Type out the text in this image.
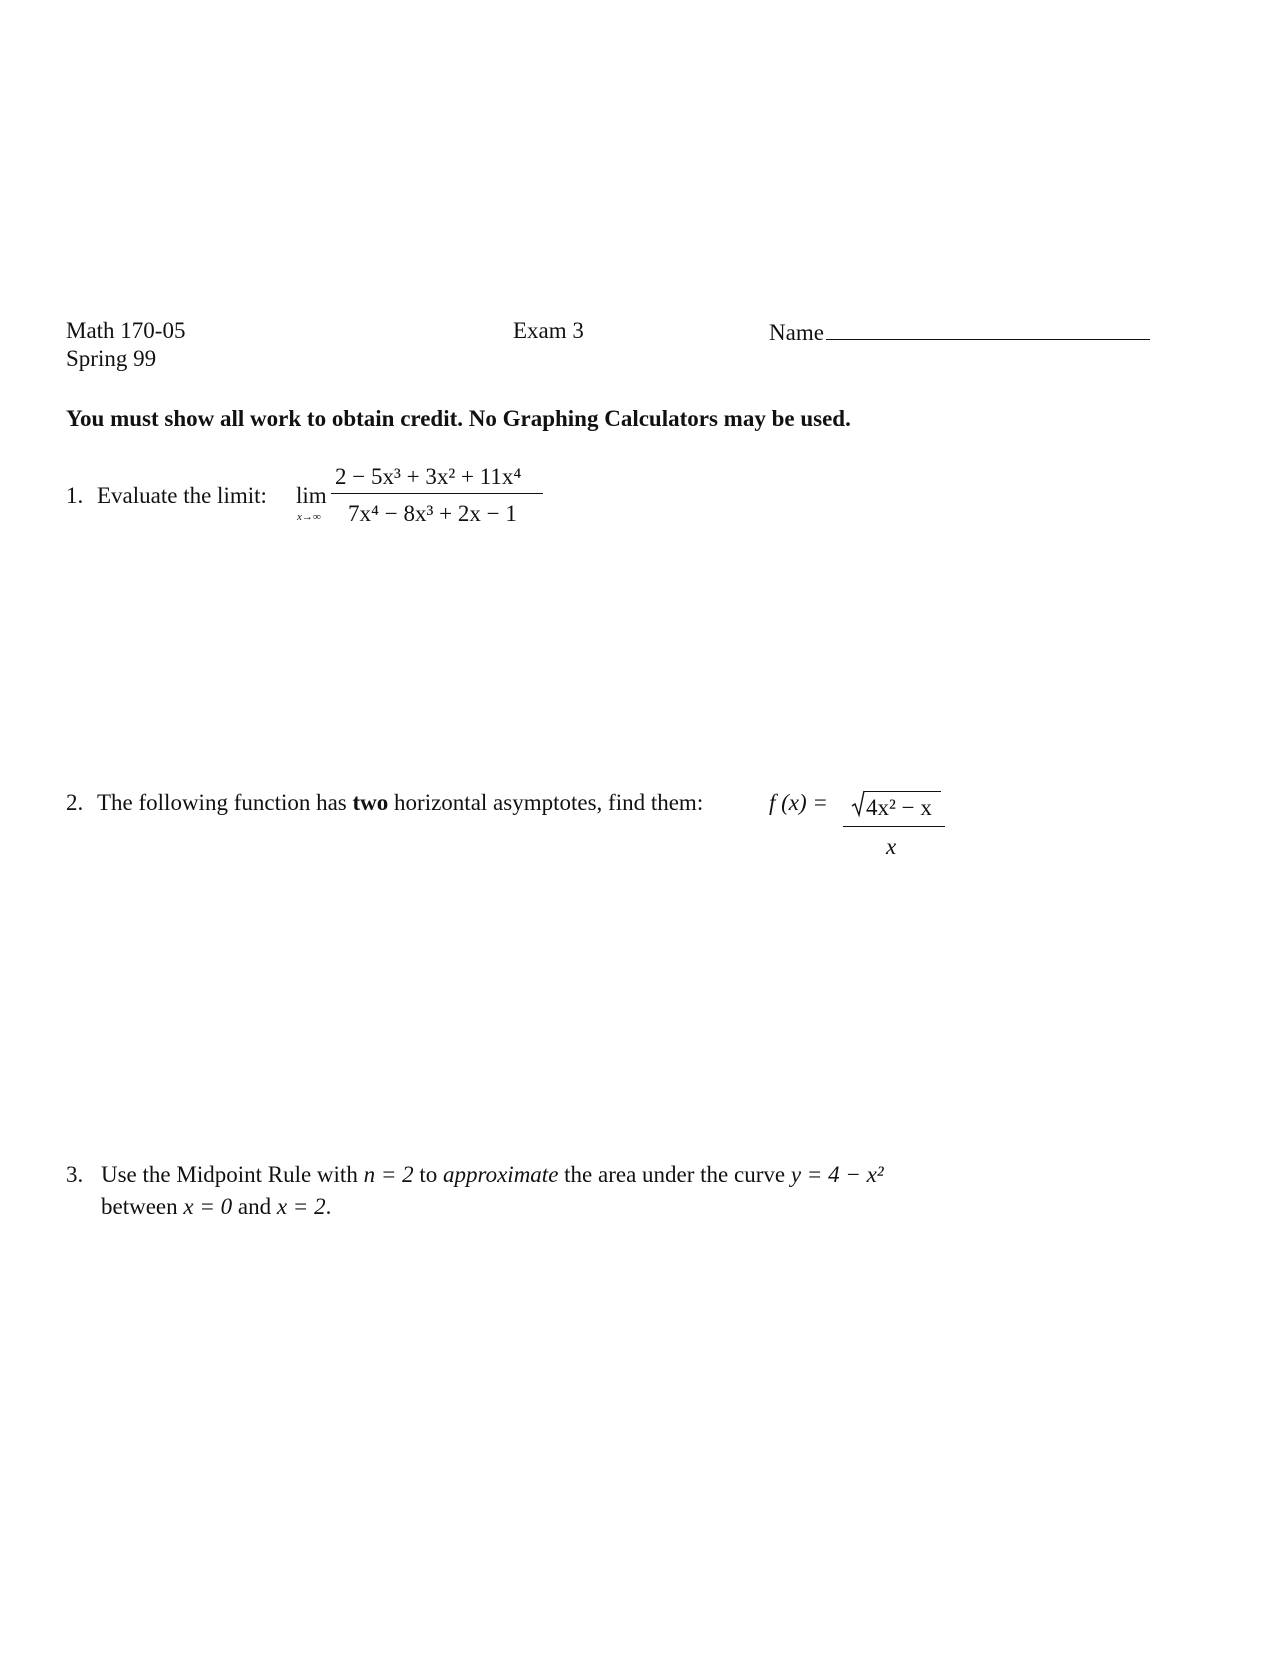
Math 170-05
Spring 99
Exam 3	Name
You must show all work to obtain credit. No Graphing Calculators may be used.
1. Evaluate the limit: lim
x→∞
2 − 5x³ + 3x² + 11x⁴
7x⁴ − 8x³ + 2x − 1
2. The following function has two horizontal asymptotes, find them:	f (x) = 4x² − x
x
3. Use the Midpoint Rule with n = 2 to approximate the area under the curve y = 4 − x²
between x = 0 and x = 2.
